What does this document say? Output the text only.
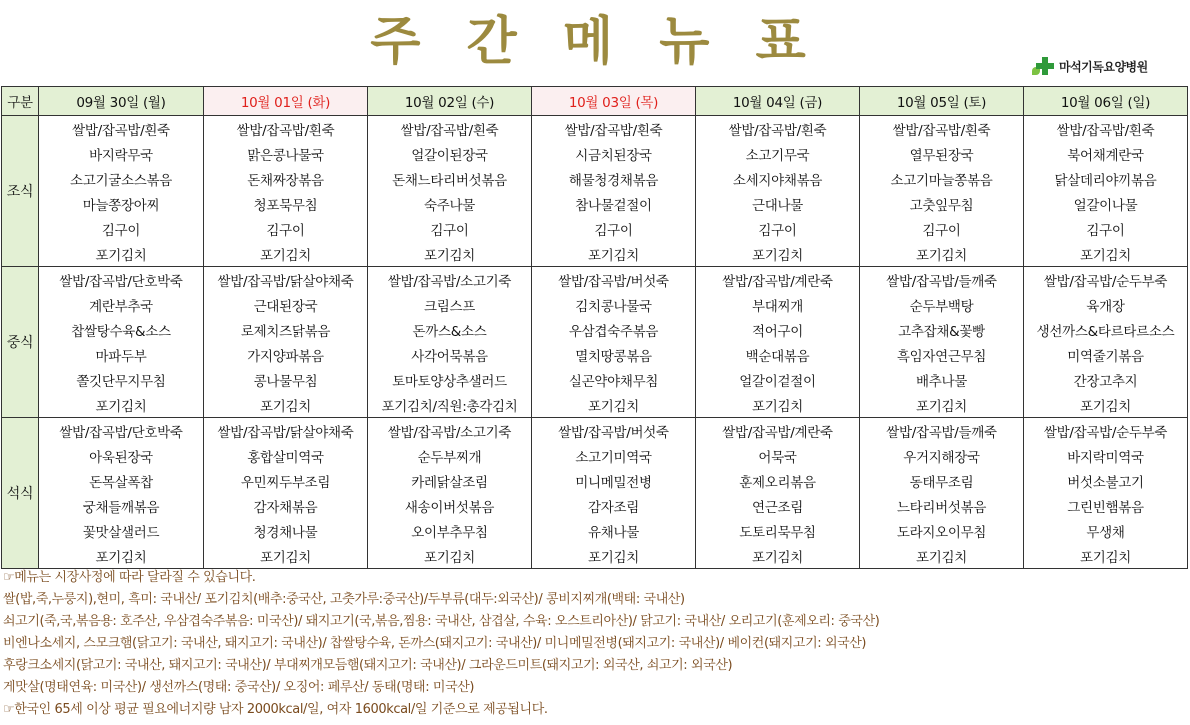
주 간 메 뉴 표	마석기독요양병원
구분	09월 30일 (월)	10월 01일 (화)	10월 02일 (수)	10월 03일 (목)	10월 04일 (금)	10월 05일 (토)	10월 06일 (일)
조식	쌀밥/잡곡밥/흰죽	쌀밥/잡곡밥/흰죽	쌀밥/잡곡밥/흰죽	쌀밥/잡곡밥/흰죽	쌀밥/잡곡밥/흰죽	쌀밥/잡곡밥/흰죽	쌀밥/잡곡밥/흰죽
	바지락무국	맑은콩나물국	얼갈이된장국	시금치된장국	소고기무국	열무된장국	북어채계란국
	소고기굴소스볶음	돈채짜장볶음	돈채느타리버섯볶음	해물청경채볶음	소세지야채볶음	소고기마늘쫑볶음	닭살데리야끼볶음
	마늘쫑장아찌	청포묵무침	숙주나물	참나물겉절이	근대나물	고춧잎무침	얼갈이나물
	김구이	김구이	김구이	김구이	김구이	김구이	김구이
	포기김치	포기김치	포기김치	포기김치	포기김치	포기김치	포기김치
중식	쌀밥/잡곡밥/단호박죽	쌀밥/잡곡밥/닭살야채죽	쌀밥/잡곡밥/소고기죽	쌀밥/잡곡밥/버섯죽	쌀밥/잡곡밥/계란죽	쌀밥/잡곡밥/들깨죽	쌀밥/잡곡밥/순두부죽
	계란부추국	근대된장국	크림스프	김치콩나물국	부대찌개	순두부백탕	육개장
	찹쌀탕수육&소스	로제치즈닭볶음	돈까스&소스	우삼겹숙주볶음	적어구이	고추잡채&꽃빵	생선까스&타르타르소스
	마파두부	가지양파볶음	사각어묵볶음	멸치땅콩볶음	백순대볶음	흑임자연근무침	미역줄기볶음
	쫄깃단무지무침	콩나물무침	토마토양상추샐러드	실곤약야채무침	얼갈이겉절이	배추나물	간장고추지
	포기김치	포기김치	포기김치/직원:총각김치	포기김치	포기김치	포기김치	포기김치
석식	쌀밥/잡곡밥/단호박죽	쌀밥/잡곡밥/닭살야채죽	쌀밥/잡곡밥/소고기죽	쌀밥/잡곡밥/버섯죽	쌀밥/잡곡밥/계란죽	쌀밥/잡곡밥/들깨죽	쌀밥/잡곡밥/순두부죽
	아욱된장국	홍합살미역국	순두부찌개	소고기미역국	어묵국	우거지해장국	바지락미역국
	돈목살폭찹	우민찌두부조림	카레닭살조림	미니메밀전병	훈제오리볶음	동태무조림	버섯소불고기
	궁채들깨볶음	감자채볶음	새송이버섯볶음	감자조림	연근조림	느타리버섯볶음	그린빈햄볶음
	꽃맛살샐러드	청경채나물	오이부추무침	유채나물	도토리묵무침	도라지오이무침	무생채
	포기김치	포기김치	포기김치	포기김치	포기김치	포기김치	포기김치
☞메뉴는 시장사정에 따라 달라질 수 있습니다.
쌀(밥,죽,누룽지),현미, 흑미: 국내산/ 포기김치(배추:중국산, 고춧가루:중국산)/두부류(대두:외국산)/ 콩비지찌개(백태: 국내산)
쇠고기(죽,국,볶음용: 호주산, 우삼겹숙주볶음: 미국산)/ 돼지고기(국,볶음,찜용: 국내산, 삼겹살, 수육: 오스트리아산)/ 닭고기: 국내산/ 오리고기(훈제오리: 중국산)
비엔나소세지, 스모크햄(닭고기: 국내산, 돼지고기: 국내산)/ 찹쌀탕수육, 돈까스(돼지고기: 국내산)/ 미니메밀전병(돼지고기: 국내산)/ 베이컨(돼지고기: 외국산)
후랑크소세지(닭고기: 국내산, 돼지고기: 국내산)/ 부대찌개모듬햄(돼지고기: 국내산)/ 그라운드미트(돼지고기: 외국산, 쇠고기: 외국산)
게맛살(명태연육: 미국산)/ 생선까스(명태: 중국산)/ 오징어: 페루산/ 동태(명태: 미국산)
☞한국인 65세 이상 평균 필요에너지량 남자 2000kcal/일, 여자 1600kcal/일 기준으로 제공됩니다.
